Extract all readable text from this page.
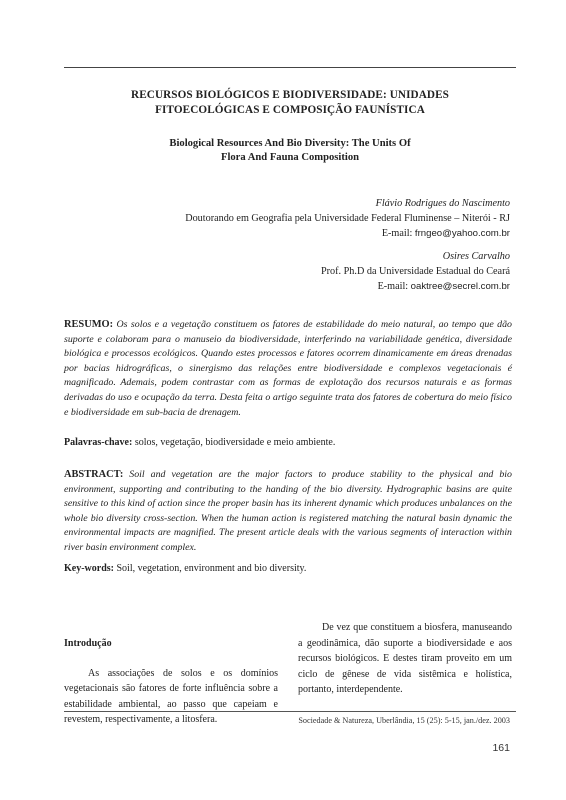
RECURSOS BIOLÓGICOS E BIODIVERSIDADE: UNIDADES
FITOECOLÓGICAS E COMPOSIÇÃO FAUNÍSTICA
Biological Resources And Bio Diversity: The Units Of
Flora And Fauna Composition
Flávio Rodrigues do Nascimento
Doutorando em Geografia pela Universidade Federal Fluminense – Niterói - RJ
E-mail: frngeo@yahoo.com.br
Osires Carvalho
Prof. Ph.D da Universidade Estadual do Ceará
E-mail: oaktree@secrel.com.br
RESUMO: Os solos e a vegetação constituem os fatores de estabilidade do meio natural, ao tempo que dão suporte e colaboram para o manuseio da biodiversidade, interferindo na variabilidade genética, diversidade biológica e processos ecológicos. Quando estes processos e fatores ocorrem dinamicamente em áreas drenadas por bacias hidrográficas, o sinergismo das relações entre biodiversidade e complexos vegetacionais é magnificado. Ademais, podem contrastar com as formas de explotação dos recursos naturais e as formas derivadas do uso e ocupação da terra. Desta feita o artigo seguinte trata dos fatores de cobertura do meio físico e biodiversidade em sub-bacia de drenagem.
Palavras-chave: solos, vegetação, biodiversidade e meio ambiente.
ABSTRACT: Soil and vegetation are the major factors to produce stability to the physical and bio environment, supporting and contributing to the handing of the bio diversity. Hydrographic basins are quite sensitive to this kind of action since the proper basin has its inherent dynamic which produces unbalances on the whole bio diversity cross-section. When the human action is registered matching the natural basin dynamic the environmental impacts are magnified. The present article deals with the various segments of interaction within river basin environment complex.
Key-words: Soil, vegetation, environment and bio diversity.
Introdução

As associações de solos e os domínios vegetacionais são fatores de forte influência sobre a estabilidade ambiental, ao passo que capeiam e revestem, respectivamente, a litosfera.

De vez que constituem a biosfera, manuseando a geodinâmica, dão suporte a biodiversidade e aos recursos biológicos. E destes tiram proveito em um ciclo de gênese de vida sistêmica e holística, portanto, interdependente.

Sociedade & Natureza, Uberlândia, 15 (25): 5-15, jan./dez. 2003
161
